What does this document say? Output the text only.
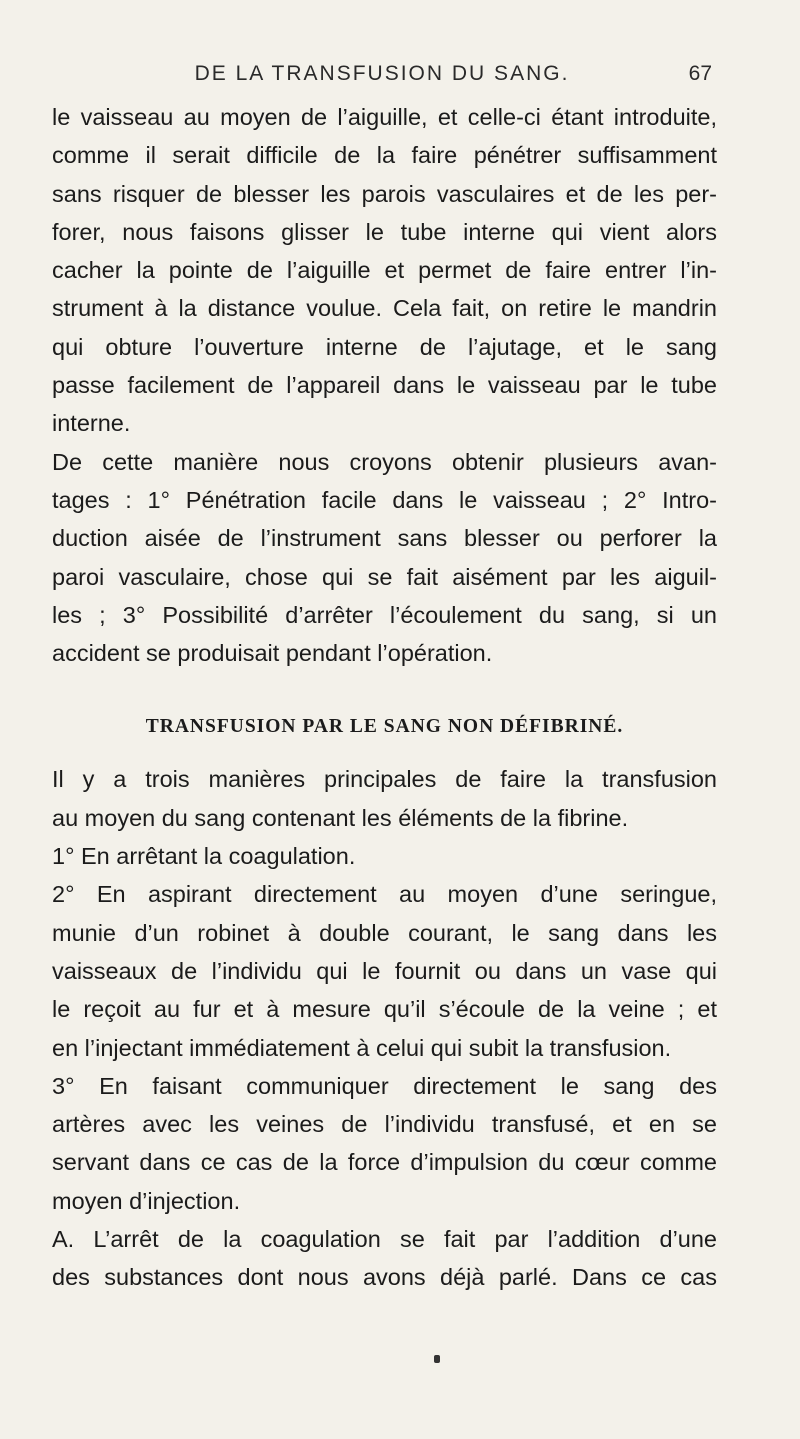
DE LA TRANSFUSION DU SANG.	67
le vaisseau au moyen de l’aiguille, et celle-ci étant introduite,
comme il serait difficile de la faire pénétrer suffisamment
sans risquer de blesser les parois vasculaires et de les per-
forer, nous faisons glisser le tube interne qui vient alors
cacher la pointe de l’aiguille et permet de faire entrer l’in-
strument à la distance voulue. Cela fait, on retire le mandrin
qui obture l’ouverture interne de l’ajutage, et le sang
passe facilement de l’appareil dans le vaisseau par le tube
interne.
De cette manière nous croyons obtenir plusieurs avan-
tages : 1° Pénétration facile dans le vaisseau ; 2° Intro-
duction aisée de l’instrument sans blesser ou perforer la
paroi vasculaire, chose qui se fait aisément par les aiguil-
les ; 3° Possibilité d’arrêter l’écoulement du sang, si un
accident se produisait pendant l’opération.
TRANSFUSION PAR LE SANG NON DÉFIBRINÉ.
Il y a trois manières principales de faire la transfusion
au moyen du sang contenant les éléments de la fibrine.
1° En arrêtant la coagulation.
2° En aspirant directement au moyen d’une seringue,
munie d’un robinet à double courant, le sang dans les
vaisseaux de l’individu qui le fournit ou dans un vase qui
le reçoit au fur et à mesure qu’il s’écoule de la veine ; et
en l’injectant immédiatement à celui qui subit la transfusion.
3° En faisant communiquer directement le sang des
artères avec les veines de l’individu transfusé, et en se
servant dans ce cas de la force d’impulsion du cœur comme
moyen d’injection.
A. L’arrêt de la coagulation se fait par l’addition d’une
des substances dont nous avons déjà parlé. Dans ce cas
